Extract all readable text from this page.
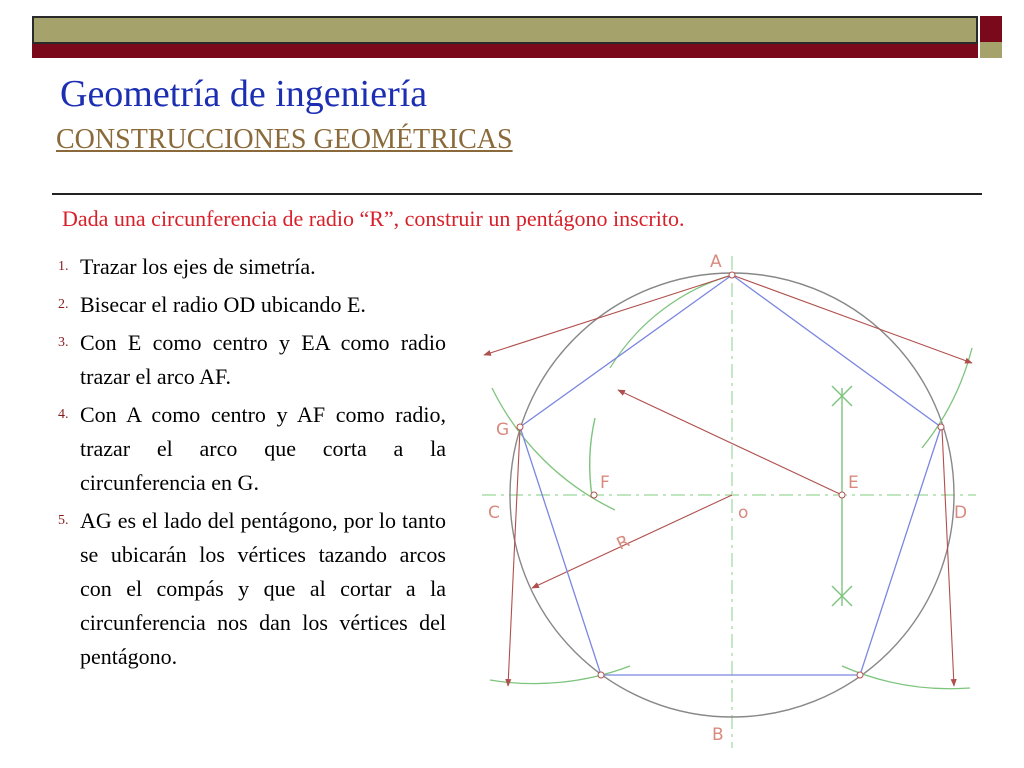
Geometría de ingeniería
CONSTRUCCIONES GEOMÉTRICAS
Dada una circunferencia de radio “R”, construir un pentágono inscrito.
1. Trazar los ejes de simetría.
2. Bisecar el radio OD ubicando E.
3. Con E como centro y EA como radio trazar el arco AF.
4. Con A como centro y AF como radio, trazar el arco que corta a la circunferencia en G.
5. AG es el lado del pentágono, por lo tanto se ubicarán los vértices tazando arcos con el compás y que al cortar a la circunferencia nos dan los vértices del pentágono.
A
G
F	E
C	D
o
B
R
